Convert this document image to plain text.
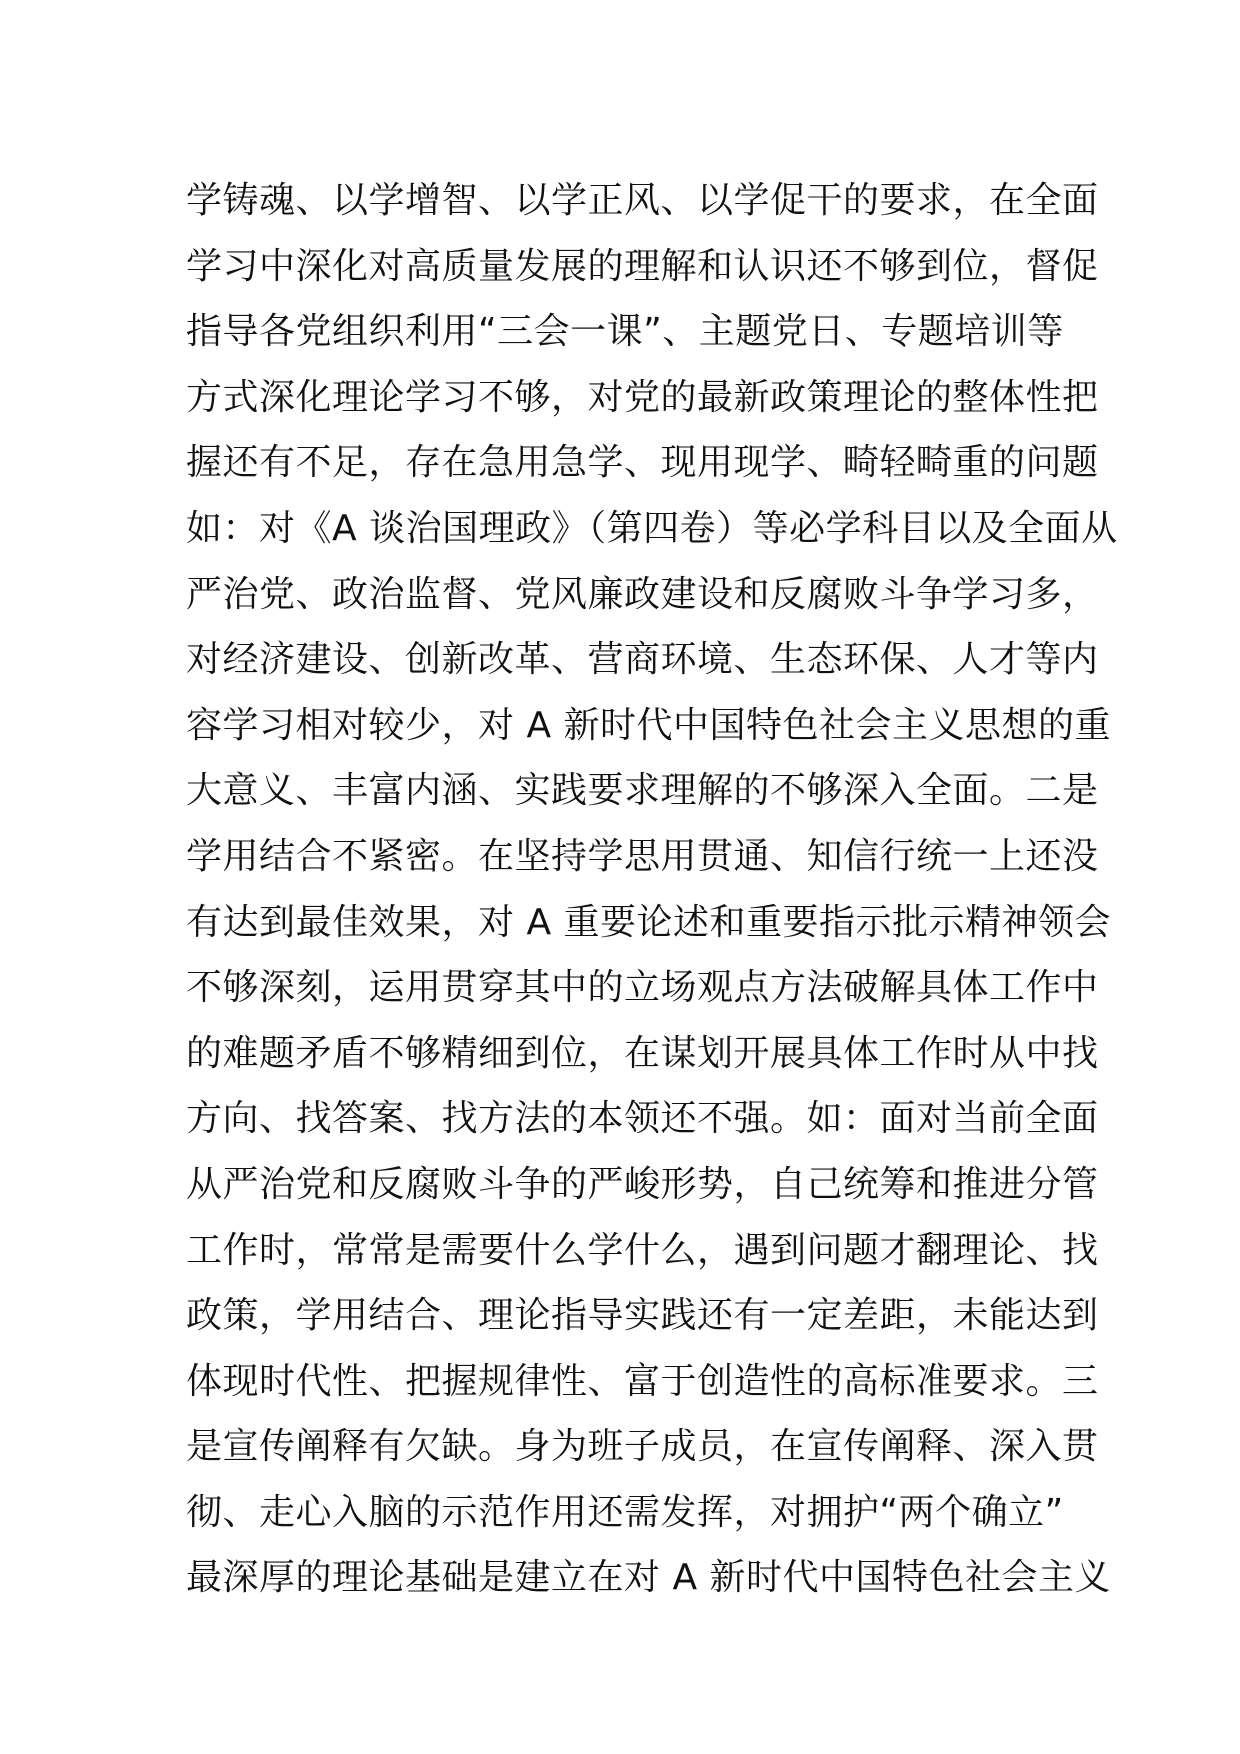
学铸魂、以学增智、以学正风、以学促干的要求，在全面
学习中深化对高质量发展的理解和认识还不够到位，督促
指导各党组织利用“三会一课”、主题党日、专题培训等
方式深化理论学习不够，对党的最新政策理论的整体性把
握还有不足，存在急用急学、现用现学、畸轻畸重的问题
如：对《A 谈治国理政》（第四卷）等必学科目以及全面从
严治党、政治监督、党风廉政建设和反腐败斗争学习多，
对经济建设、创新改革、营商环境、生态环保、人才等内
容学习相对较少，对 A 新时代中国特色社会主义思想的重
大意义、丰富内涵、实践要求理解的不够深入全面。二是
学用结合不紧密。在坚持学思用贯通、知信行统一上还没
有达到最佳效果，对 A 重要论述和重要指示批示精神领会
不够深刻，运用贯穿其中的立场观点方法破解具体工作中
的难题矛盾不够精细到位，在谋划开展具体工作时从中找
方向、找答案、找方法的本领还不强。如：面对当前全面
从严治党和反腐败斗争的严峻形势，自己统筹和推进分管
工作时，常常是需要什么学什么，遇到问题才翻理论、找
政策，学用结合、理论指导实践还有一定差距，未能达到
体现时代性、把握规律性、富于创造性的高标准要求。三
是宣传阐释有欠缺。身为班子成员，在宣传阐释、深入贯
彻、走心入脑的示范作用还需发挥，对拥护“两个确立”
最深厚的理论基础是建立在对 A 新时代中国特色社会主义
